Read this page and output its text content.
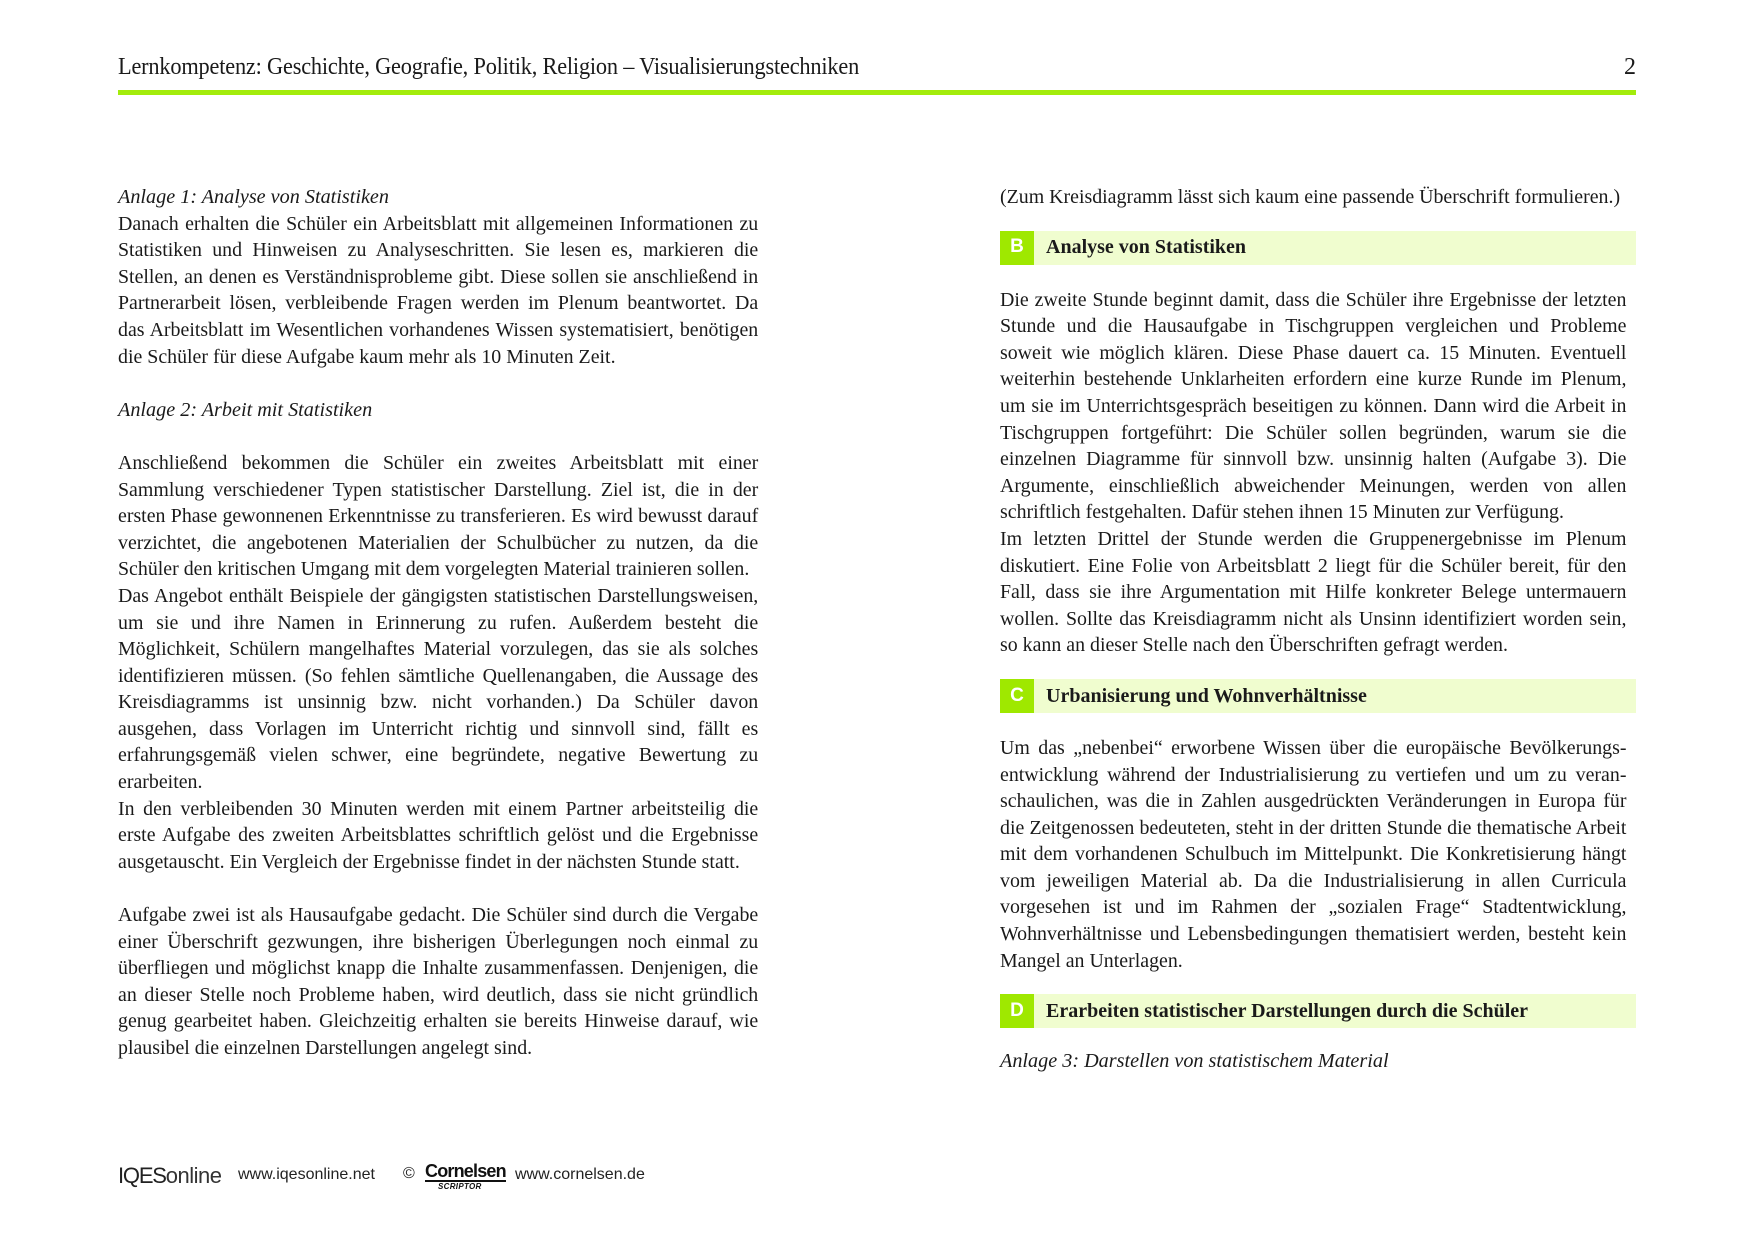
Lernkompetenz: Geschichte, Geografie, Politik, Religion – Visualisierungstechniken	2

Anlage 1: Analyse von Statistiken

Danach erhalten die Schüler ein Arbeitsblatt mit allgemeinen Informationen zu Statistiken und Hinweisen zu Analyseschritten. Sie lesen es, markieren die Stellen, an denen es Verständnisprobleme gibt. Diese sollen sie anschließend in Partnerarbeit lösen, verbleibende Fragen werden im Plenum beantwortet. Da das Arbeitsblatt im Wesentlichen vorhandenes Wissen systematisiert, benötigen die Schüler für diese Aufgabe kaum mehr als 10 Minuten Zeit.

Anlage 2: Arbeit mit Statistiken

Anschließend bekommen die Schüler ein zweites Arbeitsblatt mit einer Sammlung verschiedener Typen statistischer Darstellung. Ziel ist, die in der ersten Phase gewonnenen Erkenntnisse zu transferieren. Es wird bewusst darauf verzichtet, die angebotenen Materialien der Schulbücher zu nutzen, da die Schüler den kritischen Umgang mit dem vorgelegten Material trainieren sollen.

Das Angebot enthält Beispiele der gängigsten statistischen Darstellungsweisen, um sie und ihre Namen in Erinnerung zu rufen. Außerdem besteht die Möglichkeit, Schülern mangelhaftes Material vorzulegen, das sie als solches identifizieren müssen. (So fehlen sämtliche Quellenangaben, die Aussage des Kreisdiagramms ist unsinnig bzw. nicht vorhanden.) Da Schüler davon ausgehen, dass Vorlagen im Unterricht richtig und sinnvoll sind, fällt es erfahrungsgemäß vielen schwer, eine begründete, negative Bewertung zu erarbeiten.

In den verbleibenden 30 Minuten werden mit einem Partner arbeitsteilig die erste Aufgabe des zweiten Arbeitsblattes schriftlich gelöst und die Ergebnisse ausgetauscht. Ein Vergleich der Ergebnisse findet in der nächsten Stunde statt.

Aufgabe zwei ist als Hausaufgabe gedacht. Die Schüler sind durch die Vergabe einer Überschrift gezwungen, ihre bisherigen Überlegungen noch einmal zu überfliegen und möglichst knapp die Inhalte zusammenfassen. Denjenigen, die an dieser Stelle noch Probleme haben, wird deutlich, dass sie nicht gründlich genug gearbeitet haben. Gleichzeitig erhalten sie bereits Hinweise darauf, wie plausibel die einzelnen Darstellungen angelegt sind.

(Zum Kreisdiagramm lässt sich kaum eine passende Überschrift formulieren.)

B	Analyse von Statistiken

Die zweite Stunde beginnt damit, dass die Schüler ihre Ergebnisse der letzten Stunde und die Hausaufgabe in Tischgruppen vergleichen und Probleme soweit wie möglich klären. Diese Phase dauert ca. 15 Minuten. Eventuell weiterhin bestehende Unklarheiten erfordern eine kurze Runde im Plenum, um sie im Unterrichtsgespräch beseitigen zu können. Dann wird die Arbeit in Tischgruppen fortgeführt: Die Schüler sollen begründen, warum sie die einzelnen Diagramme für sinnvoll bzw. unsinnig halten (Aufgabe 3). Die Argumente, einschließlich abweichender Meinungen, werden von allen schriftlich festgehalten. Dafür stehen ihnen 15 Minuten zur Verfügung.

Im letzten Drittel der Stunde werden die Gruppenergebnisse im Plenum diskutiert. Eine Folie von Arbeitsblatt 2 liegt für die Schüler bereit, für den Fall, dass sie ihre Argumentation mit Hilfe konkreter Belege untermauern wollen. Sollte das Kreisdiagramm nicht als Unsinn identifiziert worden sein, so kann an dieser Stelle nach den Überschriften gefragt werden.

C	Urbanisierung und Wohnverhältnisse

Um das „nebenbei“ erworbene Wissen über die europäische Bevölkerungsentwicklung während der Industrialisierung zu vertiefen und um zu veranschaulichen, was die in Zahlen ausgedrückten Veränderungen in Europa für die Zeitgenossen bedeuteten, steht in der dritten Stunde die thematische Arbeit mit dem vorhandenen Schulbuch im Mittelpunkt. Die Konkretisierung hängt vom jeweiligen Material ab. Da die Industrialisierung in allen Curricula vorgesehen ist und im Rahmen der „sozialen Frage“ Stadtentwicklung, Wohnverhältnisse und Lebensbedingungen thematisiert werden, besteht kein Mangel an Unterlagen.

D	Erarbeiten statistischer Darstellungen durch die Schüler

Anlage 3: Darstellen von statistischem Material

IQESonline www.iqesonline.net © Cornelsen
SCRIPTOR
www.cornelsen.de
